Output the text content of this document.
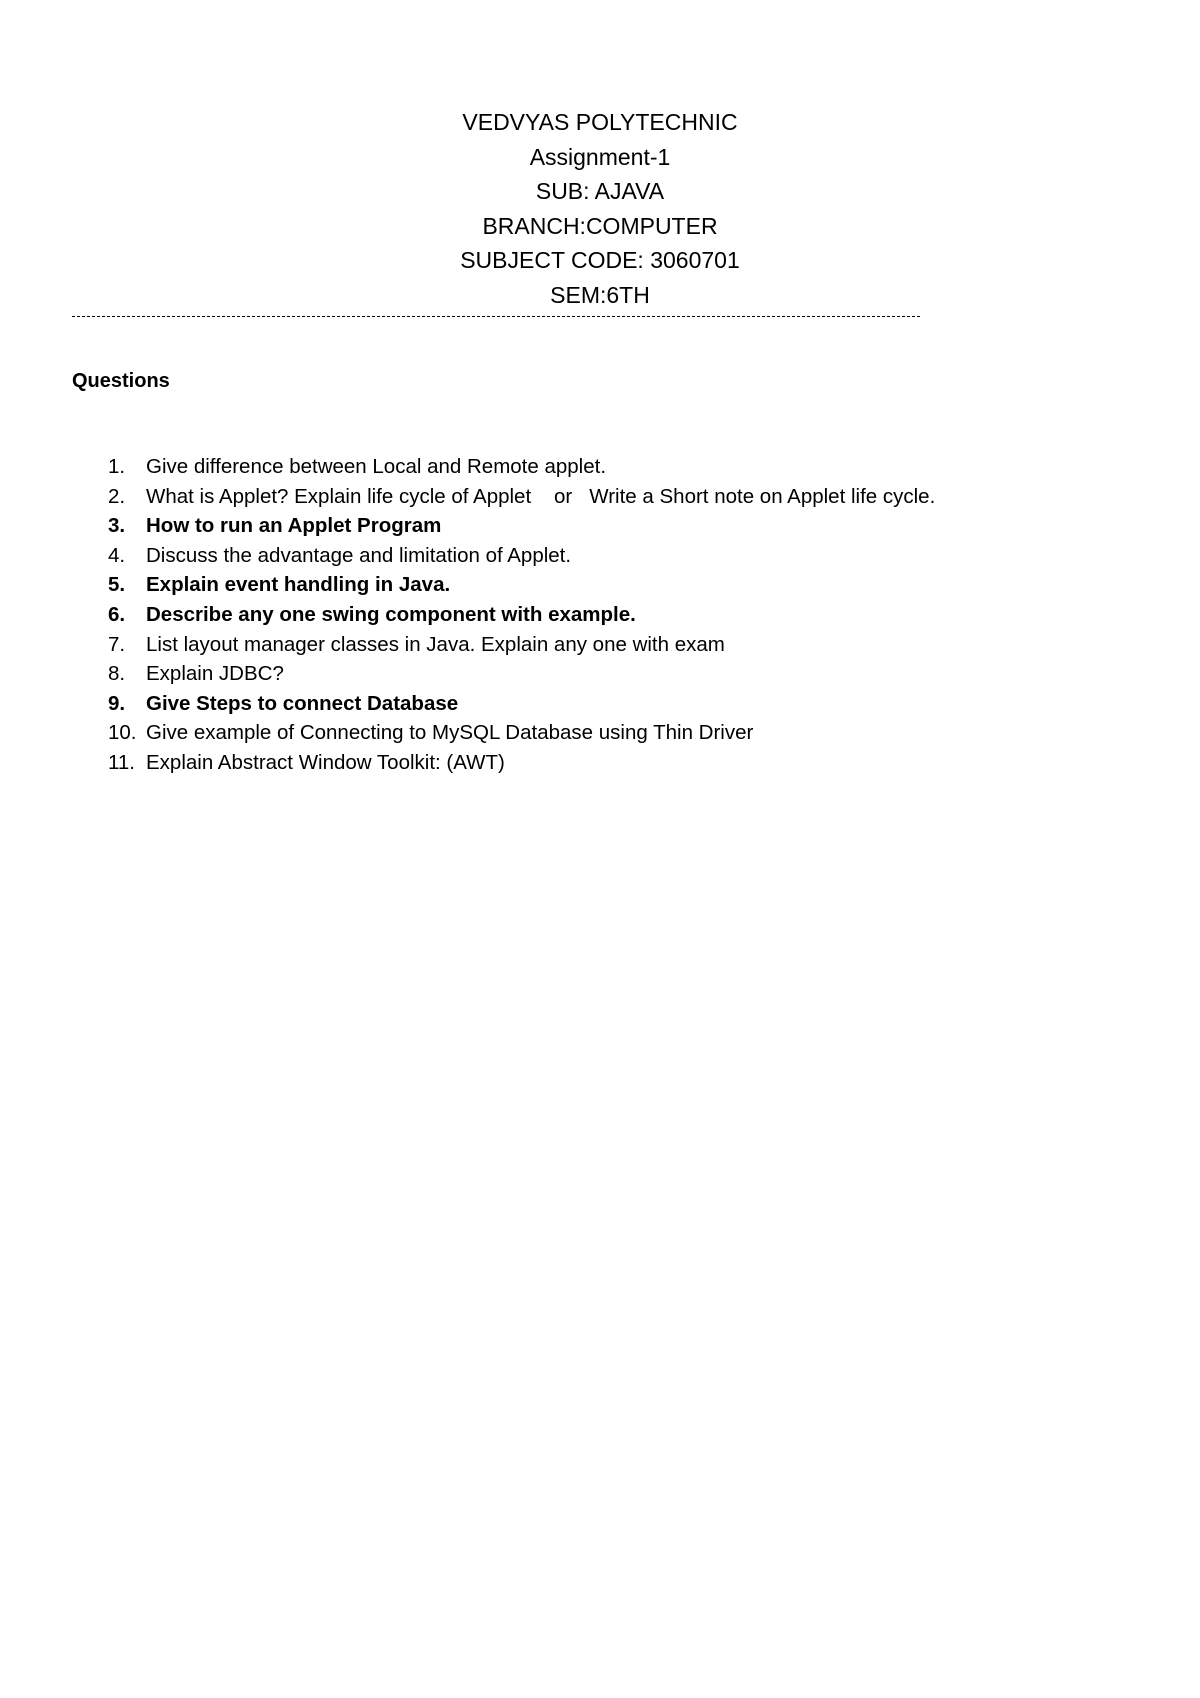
VEDVYAS POLYTECHNIC
Assignment-1
SUB: AJAVA
BRANCH:COMPUTER
SUBJECT CODE: 3060701
SEM:6TH
Questions
1.	Give difference between Local and Remote applet.
2.	What is Applet? Explain life cycle of Applet    or   Write a Short note on Applet life cycle.
3.	How to run an Applet Program
4.	Discuss the advantage and limitation of Applet.
5.	Explain event handling in Java.
6.	Describe any one swing component with example.
7.	List layout manager classes in Java. Explain any one with exam
8.	Explain JDBC?
9.	Give Steps to connect Database
10. Give example of Connecting to MySQL Database using Thin Driver
11. Explain Abstract Window Toolkit: (AWT)
